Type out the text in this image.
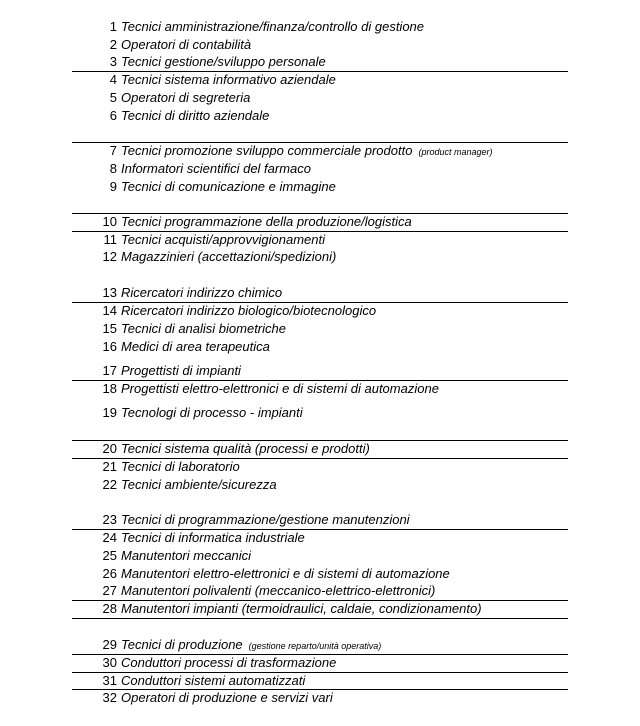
1 Tecnici amministrazione/finanza/controllo di gestione
2 Operatori di contabilità
3 Tecnici gestione/sviluppo personale
4 Tecnici sistema informativo aziendale
5 Operatori di segreteria
6 Tecnici di diritto aziendale
7 Tecnici promozione sviluppo commerciale prodotto (product manager)
8 Informatori scientifici del farmaco
9 Tecnici di comunicazione e immagine
10 Tecnici programmazione della produzione/logistica
11 Tecnici acquisti/approvvigionamenti
12 Magazzinieri (accettazioni/spedizioni)
13 Ricercatori indirizzo chimico
14 Ricercatori indirizzo biologico/biotecnologico
15 Tecnici di analisi biometriche
16 Medici di area terapeutica
17 Progettisti di impianti
18 Progettisti elettro-elettronici e di sistemi di automazione
19 Tecnologi di processo - impianti
20 Tecnici sistema qualità (processi e prodotti)
21 Tecnici di laboratorio
22 Tecnici ambiente/sicurezza
23 Tecnici di programmazione/gestione manutenzioni
24 Tecnici di informatica industriale
25 Manutentori meccanici
26 Manutentori elettro-elettronici e di sistemi di automazione
27 Manutentori polivalenti (meccanico-elettrico-elettronici)
28 Manutentori impianti (termoidraulici, caldaie, condizionamento)
29 Tecnici di produzione (gestione reparto/unità operativa)
30 Conduttori processi di trasformazione
31 Conduttori sistemi automatizzati
32 Operatori di produzione e servizi vari
